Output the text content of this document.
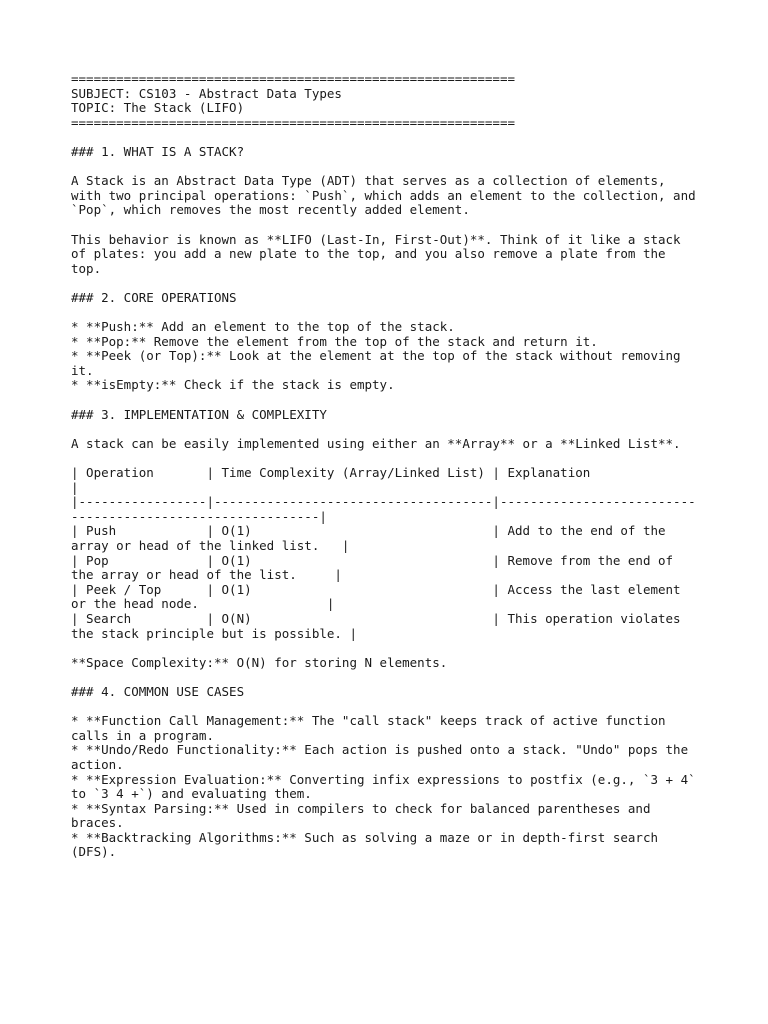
===========================================================
SUBJECT: CS103 - Abstract Data Types
TOPIC: The Stack (LIFO)
===========================================================
### 1. WHAT IS A STACK?
A Stack is an Abstract Data Type (ADT) that serves as a collection of elements,
with two principal operations: `Push`, which adds an element to the collection, and
`Pop`, which removes the most recently added element.
This behavior is known as **LIFO (Last-In, First-Out)**. Think of it like a stack
of plates: you add a new plate to the top, and you also remove a plate from the
top.
### 2. CORE OPERATIONS
* **Push:** Add an element to the top of the stack.
* **Pop:** Remove the element from the top of the stack and return it.
* **Peek (or Top):** Look at the element at the top of the stack without removing
it.
* **isEmpty:** Check if the stack is empty.
### 3. IMPLEMENTATION & COMPLEXITY
A stack can be easily implemented using either an **Array** or a **Linked List**.
| Operation       | Time Complexity (Array/Linked List) | Explanation
|
|-----------------|-------------------------------------|--------------------------
---------------------------------|
| Push            | O(1)                                | Add to the end of the
array or head of the linked list.   |
| Pop             | O(1)                                | Remove from the end of
the array or head of the list.     |
| Peek / Top      | O(1)                                | Access the last element
or the head node.                 |
| Search          | O(N)                                | This operation violates
the stack principle but is possible. |
**Space Complexity:** O(N) for storing N elements.
### 4. COMMON USE CASES
* **Function Call Management:** The "call stack" keeps track of active function
calls in a program.
* **Undo/Redo Functionality:** Each action is pushed onto a stack. "Undo" pops the
action.
* **Expression Evaluation:** Converting infix expressions to postfix (e.g., `3 + 4`
to `3 4 +`) and evaluating them.
* **Syntax Parsing:** Used in compilers to check for balanced parentheses and
braces.
* **Backtracking Algorithms:** Such as solving a maze or in depth-first search
(DFS).
